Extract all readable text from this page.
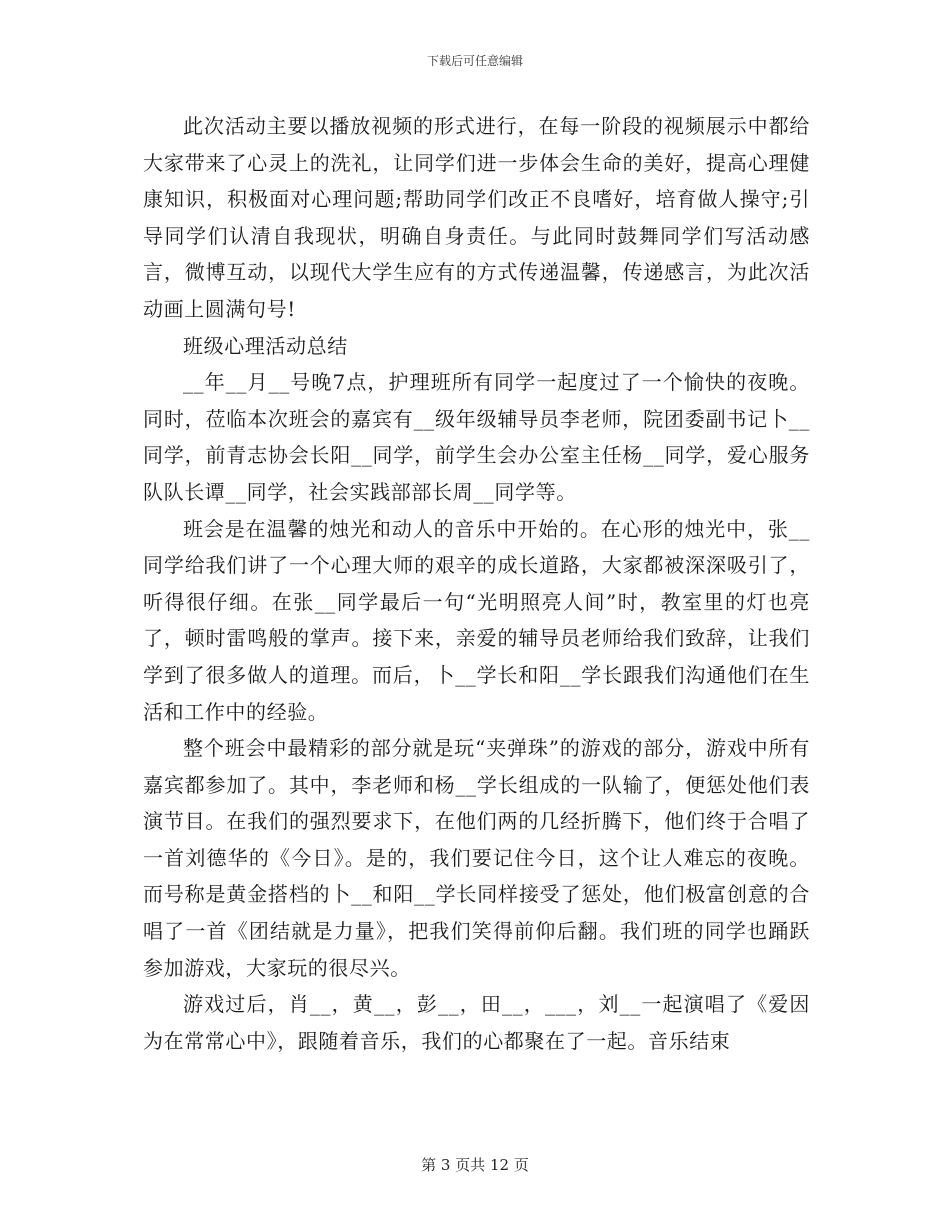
下载后可任意编辑

此次活动主要以播放视频的形式进行，在每一阶段的视频展示中都给大家带来了心灵上的洗礼，让同学们进一步体会生命的美好，提高心理健康知识，积极面对心理问题;帮助同学们改正不良嗜好，培育做人操守;引导同学们认清自我现状，明确自身责任。与此同时鼓舞同学们写活动感言，微博互动，以现代大学生应有的方式传递温馨，传递感言，为此次活动画上圆满句号!

班级心理活动总结

__年__月__号晚7点，护理班所有同学一起度过了一个愉快的夜晚。同时，莅临本次班会的嘉宾有__级年级辅导员李老师，院团委副书记卜__同学，前青志协会长阳__同学，前学生会办公室主任杨__同学，爱心服务队队长谭__同学，社会实践部部长周__同学等。

班会是在温馨的烛光和动人的音乐中开始的。在心形的烛光中，张__同学给我们讲了一个心理大师的艰辛的成长道路，大家都被深深吸引了，听得很仔细。在张__同学最后一句“光明照亮人间”时，教室里的灯也亮了，顿时雷鸣般的掌声。接下来，亲爱的辅导员老师给我们致辞，让我们学到了很多做人的道理。而后，卜__学长和阳__学长跟我们沟通他们在生活和工作中的经验。

整个班会中最精彩的部分就是玩“夹弹珠”的游戏的部分，游戏中所有嘉宾都参加了。其中，李老师和杨__学长组成的一队输了，便惩处他们表演节目。在我们的强烈要求下，在他们两的几经折腾下，他们终于合唱了一首刘德华的《今日》。是的，我们要记住今日，这个让人难忘的夜晚。而号称是黄金搭档的卜__和阳__学长同样接受了惩处，他们极富创意的合唱了一首《团结就是力量》，把我们笑得前仰后翻。我们班的同学也踊跃参加游戏，大家玩的很尽兴。

游戏过后，肖__，黄__，彭__，田__，___，刘__一起演唱了《爱因为在常常心中》，跟随着音乐，我们的心都聚在了一起。音乐结束

第 3 页共 12 页
